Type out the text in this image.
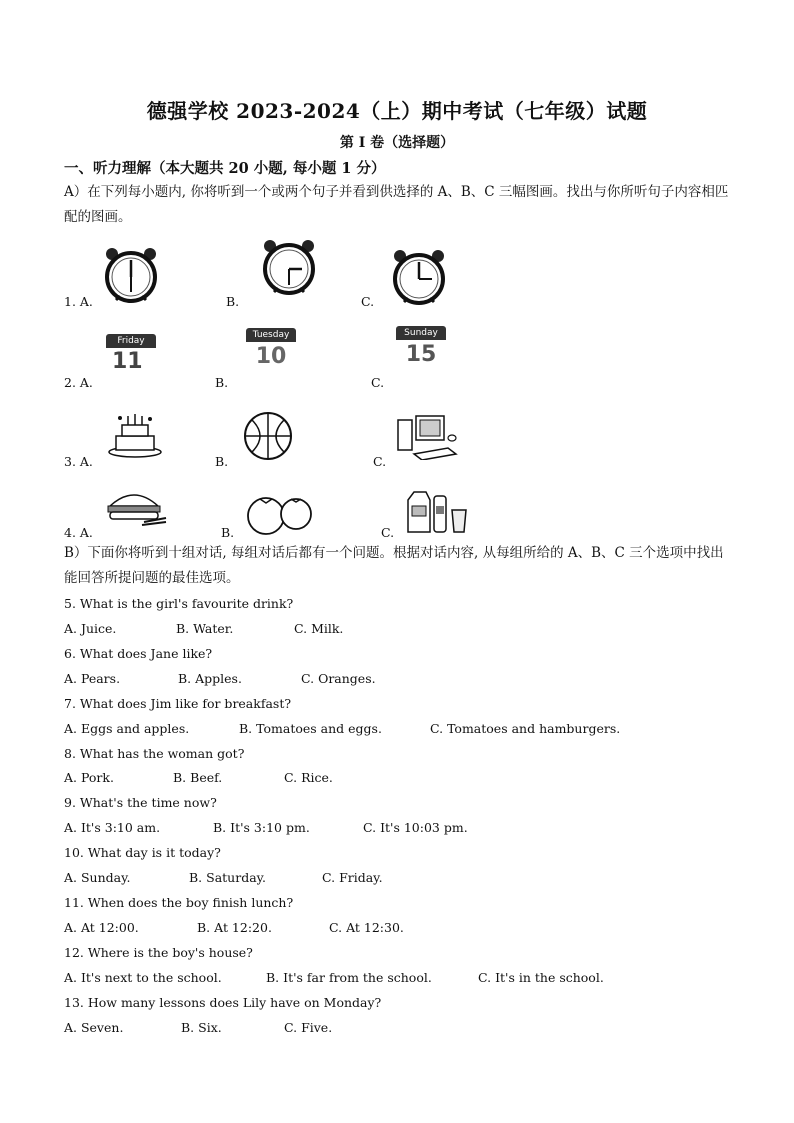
德强学校 2023-2024（上）期中考试（七年级）试题
第 I 卷（选择题）
一、听力理解（本大题共 20 小题, 每小题 1 分）
A）在下列每小题内, 你将听到一个或两个句子并看到供选择的 A、B、C 三幅图画。找出与你所听句子内容相匹配的图画。
1. A.	B.	C.
2. A.	B.	C.
Friday
11
Tuesday
10
Sunday
15
3. A.	B.	C.
4. A.	B.	C.
B）下面你将听到十组对话, 每组对话后都有一个问题。根据对话内容, 从每组所给的 A、B、C 三个选项中找出能回答所提问题的最佳选项。
5. What is the girl's favourite drink?
A. Juice.	B. Water.	C. Milk.
6. What does Jane like?
A. Pears.	B. Apples.	C. Oranges.
7. What does Jim like for breakfast?
A. Eggs and apples.	B. Tomatoes and eggs.	C. Tomatoes and hamburgers.
8. What has the woman got?
A. Pork.	B. Beef.	C. Rice.
9. What's the time now?
A. It's 3:10 am.	B. It's 3:10 pm.	C. It's 10:03 pm.
10. What day is it today?
A. Sunday.	B. Saturday.	C. Friday.
11. When does the boy finish lunch?
A. At 12:00.	B. At 12:20.	C. At 12:30.
12. Where is the boy's house?
A. It's next to the school.	B. It's far from the school.	C. It's in the school.
13. How many lessons does Lily have on Monday?
A. Seven.	B. Six.	C. Five.
